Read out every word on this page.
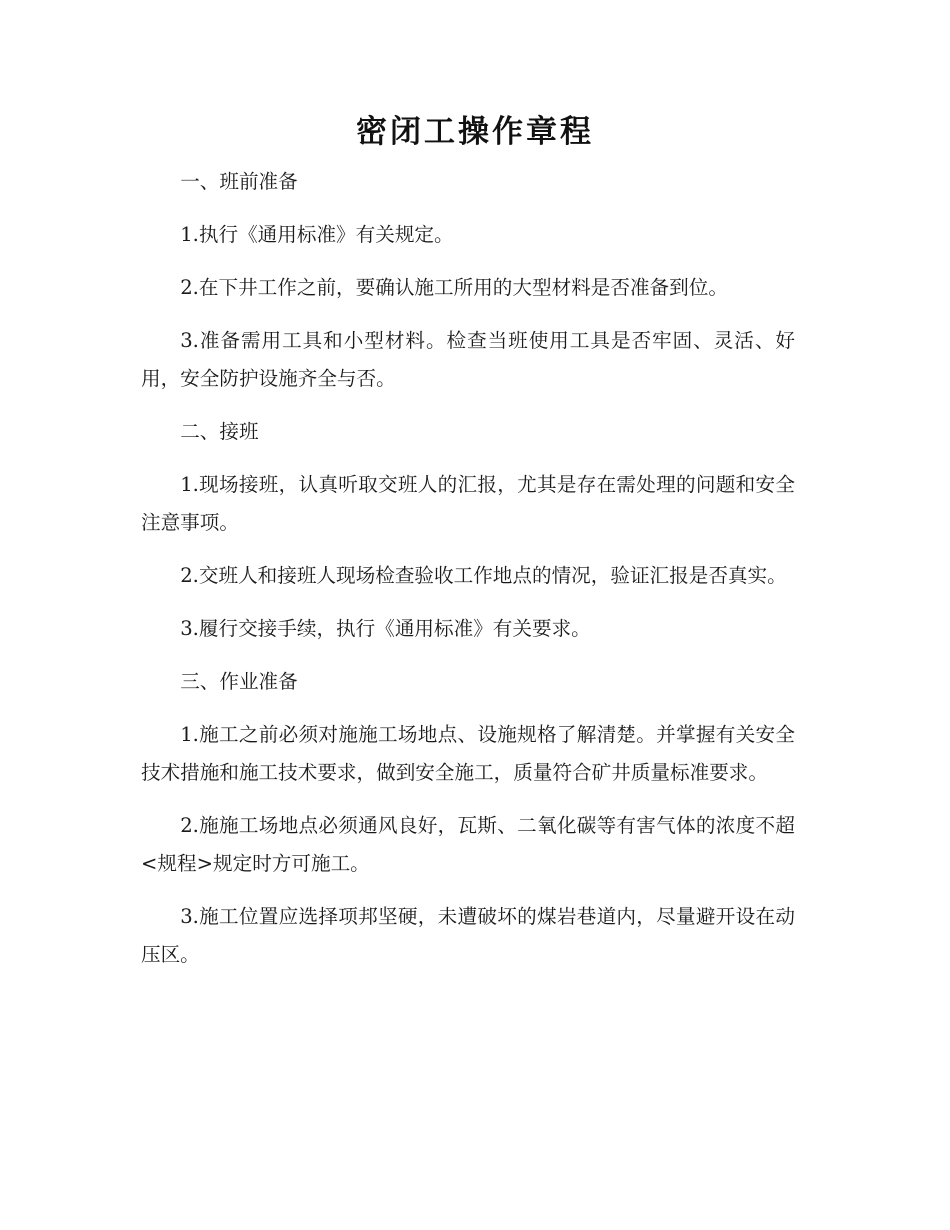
密闭工操作章程

一、班前准备

1.执行《通用标准》有关规定。

2.在下井工作之前，要确认施工所用的大型材料是否准备到位。

3.准备需用工具和小型材料。检查当班使用工具是否牢固、灵活、好用，安全防护设施齐全与否。

二、接班

1.现场接班，认真听取交班人的汇报，尤其是存在需处理的问题和安全注意事项。

2.交班人和接班人现场检查验收工作地点的情况，验证汇报是否真实。

3.履行交接手续，执行《通用标准》有关要求。

三、作业准备

1.施工之前必须对施施工场地点、设施规格了解清楚。并掌握有关安全技术措施和施工技术要求，做到安全施工，质量符合矿井质量标准要求。

2.施施工场地点必须通风良好，瓦斯、二氧化碳等有害气体的浓度不超<规程>规定时方可施工。

3.施工位置应选择项邦坚硬，未遭破坏的煤岩巷道内，尽量避开设在动压区。
